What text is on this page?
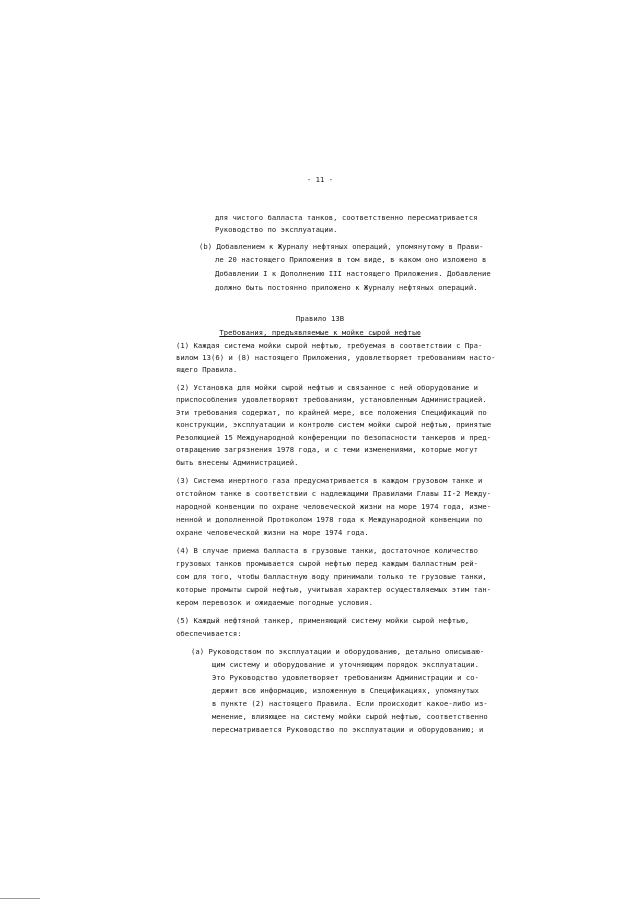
- 11 -
для чистого балласта танков, соответственно пересматривается
Руководство по эксплуатации.
(b) Добавлением к Журналу нефтяных операций, упомянутому в Прави-
ле 20 настоящего Приложения в том виде, в каком оно изложено в
Добавлении I к Дополнению III настоящего Приложения. Добавление
должно быть постоянно приложено к Журналу нефтяных операций.
Правило 13В
Требования, предъявляемые к мойке сырой нефтью
(1) Каждая система мойки сырой нефтью, требуемая в соответствии с Пра-
вилом 13(6) и (8) настоящего Приложения, удовлетворяет требованиям насто-
ящего Правила.
(2) Установка для мойки сырой нефтью и связанное с ней оборудование и
приспособления удовлетворяют требованиям, установленным Администрацией.
Эти требования содержат, по крайней мере, все положения Спецификаций по
конструкции, эксплуатации и контролю систем мойки сырой нефтью, принятые
Резолюцией 15 Международной конференции по безопасности танкеров и пред-
отвращению загрязнения 1978 года, и с теми изменениями, которые могут
быть внесены Администрацией.
(3) Система инертного газа предусматривается в каждом грузовом танке и
отстойном танке в соответствии с надлежащими Правилами Главы II-2 Между-
народной конвенции по охране человеческой жизни на море 1974 года, изме-
ненной и дополненной Протоколом 1978 года к Международной конвенции по
охране человеческой жизни на море 1974 года.
(4) В случае приема балласта в грузовые танки, достаточное количество
грузовых танков промывается сырой нефтью перед каждым балластным рей-
сом для того, чтобы балластную воду принимали только те грузовые танки,
которые промыты сырой нефтью, учитывая характер осуществляемых этим тан-
кером перевозок и ожидаемые погодные условия.
(5) Каждый нефтяной танкер, применяющий систему мойки сырой нефтью,
обеспечивается:
(a) Руководством по эксплуатации и оборудованию, детально описываю-
щим систему и оборудование и уточняющим порядок эксплуатации.
Это Руководство удовлетворяет требованиям Администрации и со-
держит всю информацию, изложенную в Спецификациях, упомянутых
в пункте (2) настоящего Правила. Если происходит какое-либо из-
менение, влияющее на систему мойки сырой нефтью, соответственно
пересматривается Руководство по эксплуатации и оборудованию; и
